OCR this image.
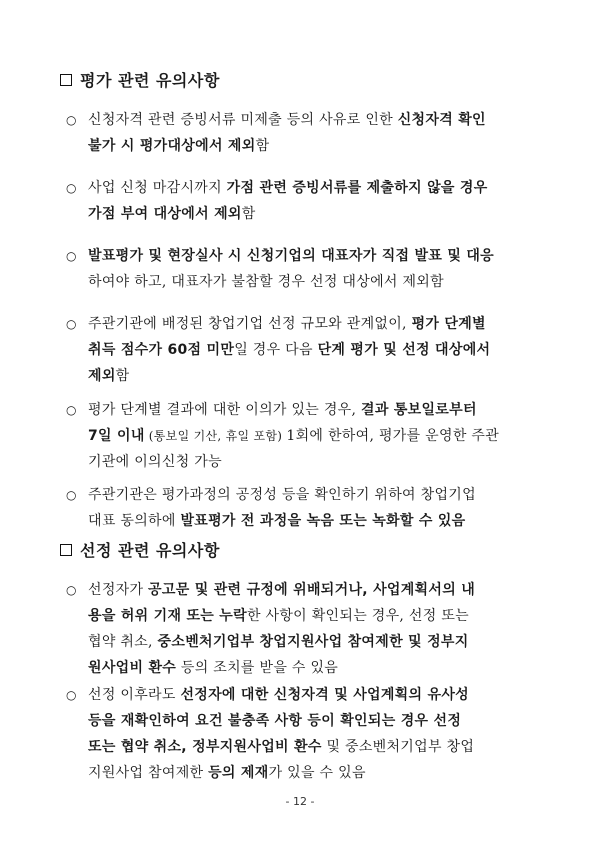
평가 관련 유의사항
○ 신청자격 관련 증빙서류 미제출 등의 사유로 인한 신청자격 확인
불가 시 평가대상에서 제외함
○ 사업 신청 마감시까지 가점 관련 증빙서류를 제출하지 않을 경우
가점 부여 대상에서 제외함
○ 발표평가 및 현장실사 시 신청기업의 대표자가 직접 발표 및 대응
하여야 하고, 대표자가 불참할 경우 선정 대상에서 제외함
○ 주관기관에 배정된 창업기업 선정 규모와 관계없이, 평가 단계별
취득 점수가 60점 미만일 경우 다음 단계 평가 및 선정 대상에서
제외함
○ 평가 단계별 결과에 대한 이의가 있는 경우, 결과 통보일로부터
7일 이내 (통보일 기산, 휴일 포함) 1회에 한하여, 평가를 운영한 주관
기관에 이의신청 가능
○ 주관기관은 평가과정의 공정성 등을 확인하기 위하여 창업기업
대표 동의하에 발표평가 전 과정을 녹음 또는 녹화할 수 있음
선정 관련 유의사항
○ 선정자가 공고문 및 관련 규정에 위배되거나, 사업계획서의 내
용을 허위 기재 또는 누락한 사항이 확인되는 경우, 선정 또는
협약 취소, 중소벤처기업부 창업지원사업 참여제한 및 정부지
원사업비 환수 등의 조치를 받을 수 있음
○ 선정 이후라도 선정자에 대한 신청자격 및 사업계획의 유사성
등을 재확인하여 요건 불충족 사항 등이 확인되는 경우 선정
또는 협약 취소, 정부지원사업비 환수 및 중소벤처기업부 창업
지원사업 참여제한 등의 제재가 있을 수 있음
- 12 -
